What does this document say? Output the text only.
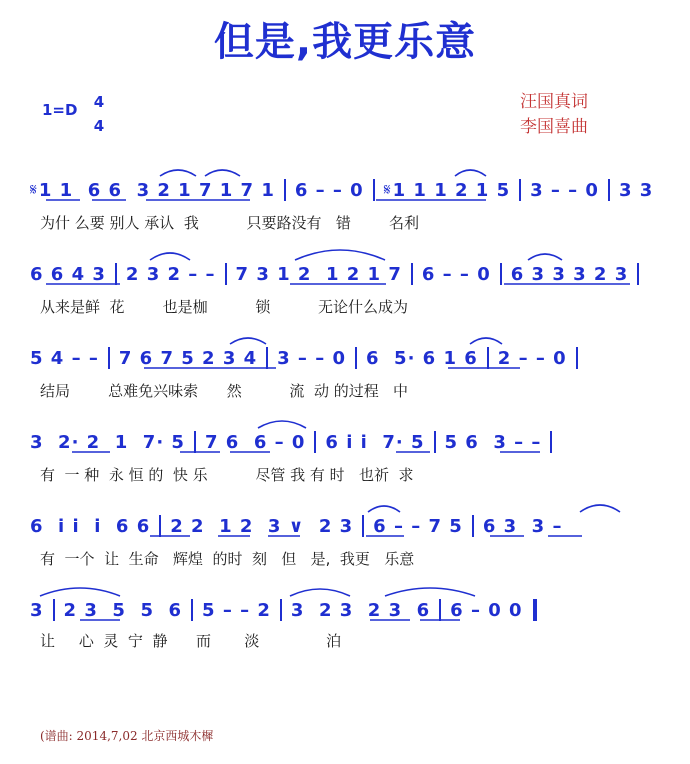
但是,我更乐意
1=D 4
4
汪国真词
李国喜曲
𝄋 1 1  6 6  3 2 1 7 1 7 1 6 – – 0 𝄋 1 1 1 2 1 5 3 – – 0 3 3
为什 么要 别人 承认  我          只要路没有   错        名利
6 6 4 3 2 3 2 – – 7 3 1 2  1 2 1 7 6 – – 0 6 3 3 3 2 3
从来是鲜  花        也是枷          锁          无论什么成为
5 4 – – 7 6 7 5 2 3 4 3 – – 0 6  5· 6 1 6 2 – – 0
结局        总难免兴味索      然          流  动 的过程   中
3  2· 2  1  7· 5 7 6  6 – 0 6 i i  7· 5 5 6  3 – –
有  一 种  永 恒 的  快 乐          尽管 我 有 时   也祈  求
6  i i  i  6 6 2 2  1 2  3 ∨  2 3 6 – – 7 5 6 3  3 –
有  一个  让  生命   辉煌  的时  刻   但   是,  我更   乐意
3 2 3  5  5  6 5 – – 2 3  2 3  2 3  6 6 – 0 0
让     心  灵  宁  静      而       淡              泊
(谱曲: 2014,7,02 北京西城木樨
